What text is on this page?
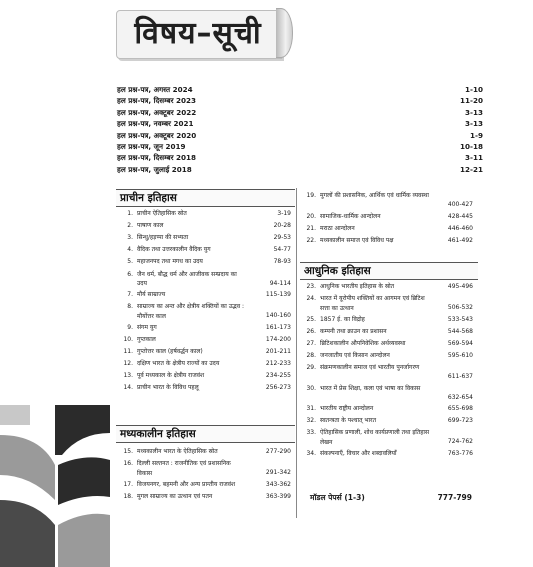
विषय–सूची
हल प्रश्न-पत्र, अगस्त 2024	1-10
हल प्रश्न-पत्र, दिसम्बर 2023	11-20
हल प्रश्न-पत्र, अक्टूबर 2022	3-13
हल प्रश्न-पत्र, नवम्बर 2021	3-13
हल प्रश्न-पत्र, अक्टूबर 2020	1-9
हल प्रश्न-पत्र, जून 2019	10-18
हल प्रश्न-पत्र, दिसम्बर 2018	3-11
हल प्रश्न-पत्र, जुलाई 2018	12-21
प्राचीन इतिहास
1. प्राचीन ऐतिहासिक स्रोत	3-19
2. पाषाण काल	20-28
3. सिन्धु/हड़प्पा की सभ्यता	29-53
4. वैदिक तथा उत्तरकालीन वैदिक युग	54-77
5. महाजनपद तथा मगध का उदय	78-93
6. जैन धर्म, बौद्ध धर्म और आजीवक सम्प्रदाय का उदय	94-114
7. मौर्य साम्राज्य	115-139
8. साम्राज्य का अन्त और क्षेत्रीय शक्तियों का उद्भव : मौर्योत्तर काल	140-160
9. संगम युग	161-173
10. गुप्तकाल	174-200
11. गुप्तोत्तर काल (हर्षवर्द्धन काल)	201-211
12. दक्षिण भारत के क्षेत्रीय राज्यों का उदय	212-233
13. पूर्व मध्यकाल के क्षेत्रीय राजवंश	234-255
14. प्राचीन भारत के विविध पहलू	256-273
मध्यकालीन इतिहास
15. मध्यकालीन भारत के ऐतिहासिक स्रोत	277-290
16. दिल्ली सल्तनत : राजनीतिक एवं प्रशासनिक विकास	291-342
17. विजयनगर, बहमनी और अन्य प्रान्तीय राजवंश	343-362
18. मुगल साम्राज्य का उत्थान एवं पतन	363-399
19. मुगलों की प्रशासनिक, आर्थिक एवं धार्मिक व्यवस्था
400-427
20. सामाजिक-धार्मिक आन्दोलन	428-445
21. मराठा आन्दोलन	446-460
22. मध्यकालीन समाज एवं विविध पक्ष	461-492
आधुनिक इतिहास
23. आधुनिक भारतीय इतिहास के स्रोत	495-496
24. भारत में यूरोपीय शक्तियों का आगमन एवं ब्रिटिश सत्ता का उत्थान	506-532
25. 1857 ई. का विद्रोह	533-543
26. कम्पनी तथा क्राउन का प्रशासन	544-568
27. ब्रिटिशकालीन औपनिवेशिक अर्थव्यवस्था	569-594
28. जनजातीय एवं किसान आन्दोलन	595-610
29. संक्रमणकालीन समाज एवं भारतीय पुनर्जागरण
611-637
30. भारत में प्रेस शिक्षा, कला एवं भाषा का विकास
632-654
31. भारतीय राष्ट्रीय आन्दोलन	655-698
32. स्वतन्त्रता के पश्चात् भारत	699-723
33. ऐतिहासिक प्रणाली, शोध कार्यप्रणाली तथा इतिहास लेखन	724-762
34. संकल्पनाएँ, विचार और शब्दावलियाँ	763-776
मॉडल पेपर्स (1-3)	777-799
